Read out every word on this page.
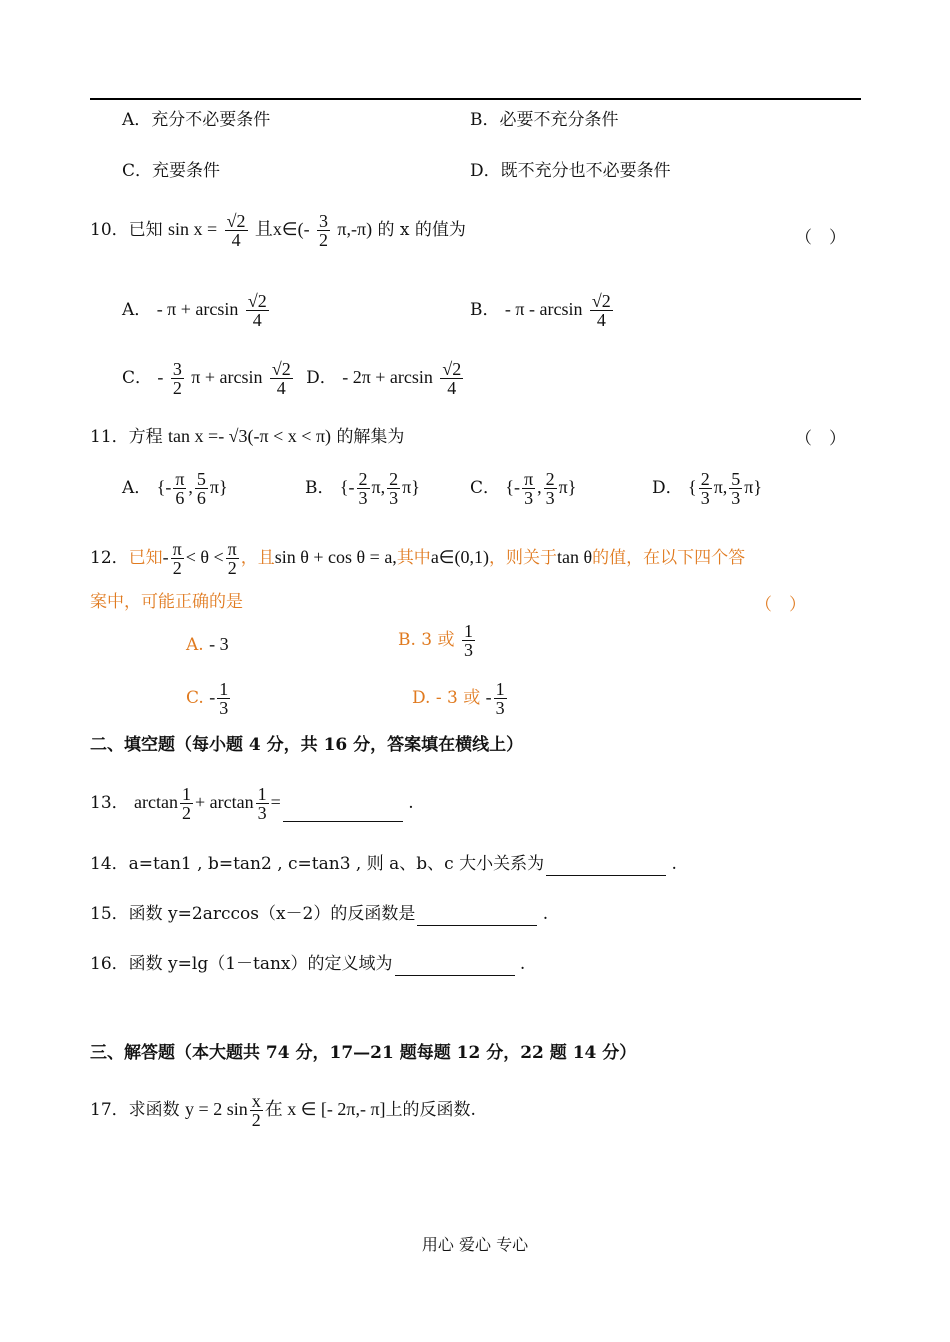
A．充分不必要条件	B．必要不充分条件
C．充要条件	D．既不充分也不必要条件
10．已知 $\sin x = \frac{√2}{4}$ 且x∈(- $\frac{3}{2} \pi,-\pi$) 的 x 的值为	（　）
A． - $\pi + \arcsin \frac{√2}{4}$	B． - π - $\arcsin \frac{√2}{4}$
C． - $\frac{3}{2}$ $\pi + \arcsin \frac{√2}{4}$ D． - $2\pi + \arcsin \frac{√2}{4}$
11．方程 tan x =- √3(-π < x < π) 的解集为	（　）
A． {- $\frac{\pi}{6}$ , $\frac{5}{6} \pi$}	B． {- $\frac{2}{3} \pi$, $\frac{2}{3} \pi$}	C． {- $\frac{\pi}{3}$ , $\frac{2}{3} \pi$}	D． { $\frac{2}{3} \pi$, $\frac{5}{3} \pi$}
12．已知- $\frac{\pi}{2} < \theta < \frac{\pi}{2}$ ，且sin θ + cos θ = a,其中a∈(0,1)，则关于tan θ的值，在以下四个答
案中，可能正确的是	（　）
A. - 3	B. 3 或 $\frac{1}{3}$
C. - $\frac{1}{3}$	D. - 3 或 - $\frac{1}{3}$
二、填空题（每小题 4 分，共 16 分，答案填在横线上）
13． $\arctan \frac{1}{2} + \arctan \frac{1}{3}$ =	.
14．a=tan1 , b=tan2 , c=tan3 , 则 a、b、c 大小关系为	.
15．函数 y=2arccos（x－2）的反函数是	.
16．函数 y=lg（1－tanx）的定义域为	.
三、解答题（本大题共 74 分，17—21 题每题 12 分，22 题 14 分）
17．求函数 y = 2 $\sin \frac{x}{2}$ 在 x ∈ [- 2π,- π]上的反函数.
用心 爱心 专心
